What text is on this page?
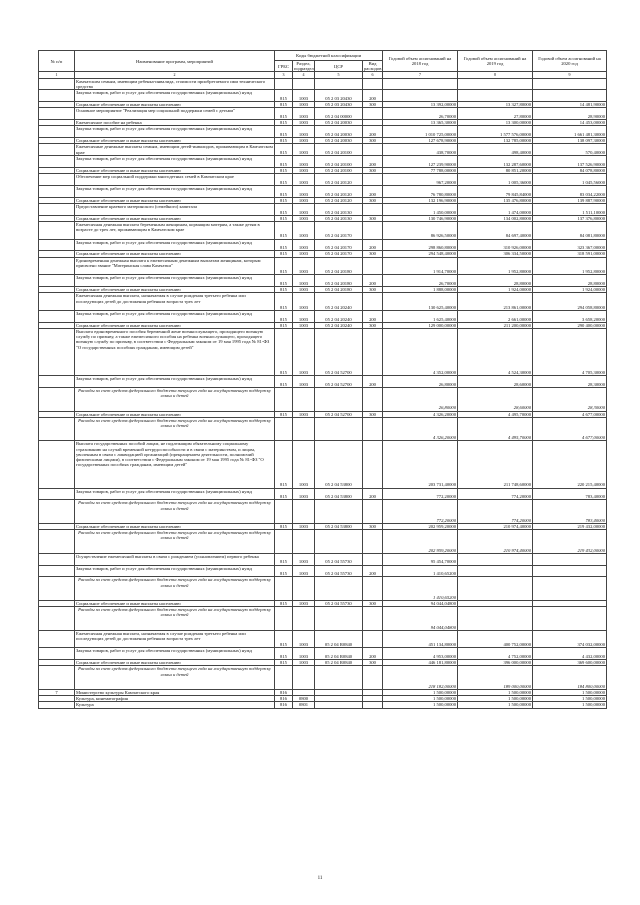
№ п/п	Наименование программ, мероприятий	Коды бюджетной классификации				Годовой объем ассигнований на 2018 год	Годовой объем ассигнований на 2019 год	Годовой объем ассигнований на 2020 год
		ГРБС	Раздел, подраздел	ЦСР	Вид расходов			
1	2	3	4	5	6	7	8	9
	Камчатским семьям, имеющим ребенка-инвалида, стоимости приобретаемого ими технического средства							
	Закупка товаров, работ и услуг для обеспечения государственных (муниципальных) нужд	815	1003	05 2 03 20430	200			
	Социальное обеспечение и иные выплаты населению	815	1003	05 2 03 20430	300	13 392,00000	13 327,80000	14 481,90000
	Основное мероприятие "Реализация мер социальной поддержки семей с детьми"	815	1003	05 2 04 00000		26,70000	27,80000	28,90000
	Ежемесячное пособие на ребенка	815	1003	05 2 04 20030		13 365,30000	13 300,00000	14 453,00000
	Закупка товаров, работ и услуг для обеспечения государственных (муниципальных) нужд	815	1003	05 2 04 20030	200	1 010 725,00000	1 577 576,00000	1 661 481,30000
	Социальное обеспечение и иные выплаты населению	815	1003	05 2 04 20030	300	127 678,90000	132 785,00000	138 097,30000
	Ежемесячные денежные выплаты семьям, имеющим детей-инвалидов, проживающим в Камчатском крае	815	1003	05 2 04 20100		438,70000	498,40000	570,40000
	Закупка товаров, работ и услуг для обеспечения государственных (муниципальных) нужд	815	1003	05 2 04 20100	200	127 239,90000	132 287,60000	137 526,90000
	Социальное обеспечение и иные выплаты населению	815	1003	05 2 04 20100	300	77 788,00000	80 851,20000	84 078,80000
	Обеспечение мер социальной поддержки многодетных семей в Камчатском крае	815	1003	05 2 04 20120		967,20000	1 005,36000	1 045,56000
	Закупка товаров, работ и услуг для обеспечения государственных (муниципальных) нужд	815	1003	05 2 04 20120	200	76 780,80000	79 845,84000	83 034,22000
	Социальное обеспечение и иные выплаты населению	815	1003	05 2 04 20120	300	132 196,90000	135 476,80000	139 887,90000
	Предоставление краевого материнского (семейного) капитала	815	1003	05 2 04 20130		1 450,00000	1 474,00000	1 511,10000
	Социальное обеспечение и иные выплаты населению	815	1003	05 2 04 20130	300	130 746,90000	134 002,80000	137 376,80000
	Ежемесячная денежная выплата беременным женщинам, кормящим матерям, а также детям в возрасте до трех лет, проживающим в Камчатском крае	815	1003	05 2 04 20170		86 926,50000	84 697,40000	84 081,80000
	Закупка товаров, работ и услуг для обеспечения государственных (муниципальных) нужд	815	1003	05 2 04 20170	200	298 860,80000	310 926,00000	323 367,00000
	Социальное обеспечение и иные выплаты населению	815	1003	05 2 04 20170	300	294 548,40000	306 334,50000	318 591,00000
	Единовременная денежная выплата к ежемесячным денежным выплатам женщинам, которым присвоено звание "Материнская слава Камчатки"	815	1003	05 2 04 20180		1 914,70000	1 952,80000	1 952,80000
	Закупка товаров, работ и услуг для обеспечения государственных (муниципальных) нужд	815	1003	05 2 04 20180	200	26,70000	28,80000	28,80000
	Социальное обеспечение и иные выплаты населению	815	1003	05 2 04 20180	300	1 888,00000	1 924,00000	1 924,00000
	Ежемесячная денежная выплата, назначаемая в случае рождения третьего ребенка или последующих детей до достижения ребенком возраста трех лет	815	1003	05 2 04 20240		130 625,40000	213 861,00000	294 058,80000
	Закупка товаров, работ и услуг для обеспечения государственных (муниципальных) нужд	815	1003	05 2 04 20240	200	1 625,40000	2 661,00000	3 658,20000
	Социальное обеспечение и иные выплаты населению	815	1003	05 2 04 20240	300	129 000,00000	211 200,00000	290 400,00000
	Выплата единовременного пособия беременной жене военнослужащего, проходящего военную службу по призыву, а также ежемесячного пособия на ребенка военнослужащего, проходящего военную службу по призыву, в соответствии с Федеральным законом от 19 мая 1995 года № 81-ФЗ "О государственных пособиях гражданам, имеющим детей"	815	1003	05 2 04 52700		4 352,00000	4 524,30000	4 705,30000
	Закупка товаров, работ и услуг для обеспечения государственных (муниципальных) нужд	815	1003	05 2 04 52700	200	26,80000	28,60000	28,30000
	Расходы за счет средств федерального бюджета текущего года на государственную поддержку семьи и детей					26,80000	28,60000	28,30000
	Социальное обеспечение и иные выплаты населению	815	1003	05 2 04 52700	300	4 326,20000	4 495,70000	4 677,00000
	Расходы за счет средств федерального бюджета текущего года на государственную поддержку семьи и детей					4 326,20000	4 495,70000	4 677,00000
	Выплата государственных пособий лицам, не подлежащим обязательному социальному страхованию на случай временной нетрудоспособности и в связи с материнством, и лицам, уволенным в связи с ликвидацией организаций (прекращением деятельности, полномочий физическими лицами), в соответствии с Федеральным законом от 19 мая 1995 года № 81-ФЗ "О государственных пособиях гражданам, имеющим детей"	815	1003	05 2 04 53800		203 731,40000	211 748,60000	220 215,40000
	Закупка товаров, работ и услуг для обеспечения государственных (муниципальных) нужд	815	1003	05 2 04 53800	200	772,20000	774,20000	783,40000
	Расходы за счет средств федерального бюджета текущего года на государственную поддержку семьи и детей					772,20000	774,20000	783,40000
	Социальное обеспечение и иные выплаты населению	815	1003	05 2 04 53800	300	202 959,20000	210 974,40000	219 432,00000
	Расходы за счет средств федерального бюджета текущего года на государственную поддержку семьи и детей					202 959,20000	210 974,40000	219 432,00000
	Осуществление ежемесячной выплаты в связи с рождением (усыновлением) первого ребенка	815	1003	05 2 04 55730		95 454,70000		
	Закупка товаров, работ и услуг для обеспечения государственных (муниципальных) нужд	815	1003	05 2 04 55730	200	1 410,65200		
	Расходы за счет средств федерального бюджета текущего года на государственную поддержку семьи и детей					1 410,65200		
	Социальное обеспечение и иные выплаты населению	815	1003	05 2 04 55730	300	94 044,04800		
	Расходы за счет средств федерального бюджета текущего года на государственную поддержку семьи и детей					94 044,04800		
	Ежемесячная денежная выплата, назначаемая в случае рождения третьего ребенка или последующих детей до достижения ребенком возраста трех лет	815	1003	05 2 04 R0840		451 134,80000	400 752,00000	374 032,00000
	Закупка товаров, работ и услуг для обеспечения государственных (муниципальных) нужд	815	1003	05 2 04 R0840	200	4 953,00000	4 752,00000	4 432,00000
	Социальное обеспечение и иные выплаты населению	815	1003	05 2 04 R0840	300	446 181,80000	396 000,00000	369 600,00000
	Расходы за счет средств федерального бюджета текущего года на государственную поддержку семьи и детей					218 182,00000	189 000,00000	184 800,00000
7	Министерство культуры Камчатского края	816				1 500,00000	1 500,00000	1 500,00000
	Культура, кинематография	816	0800			1 500,00000	1 500,00000	1 500,00000
	Культура	816	0801			1 500,00000	1 500,00000	1 500,00000
11
